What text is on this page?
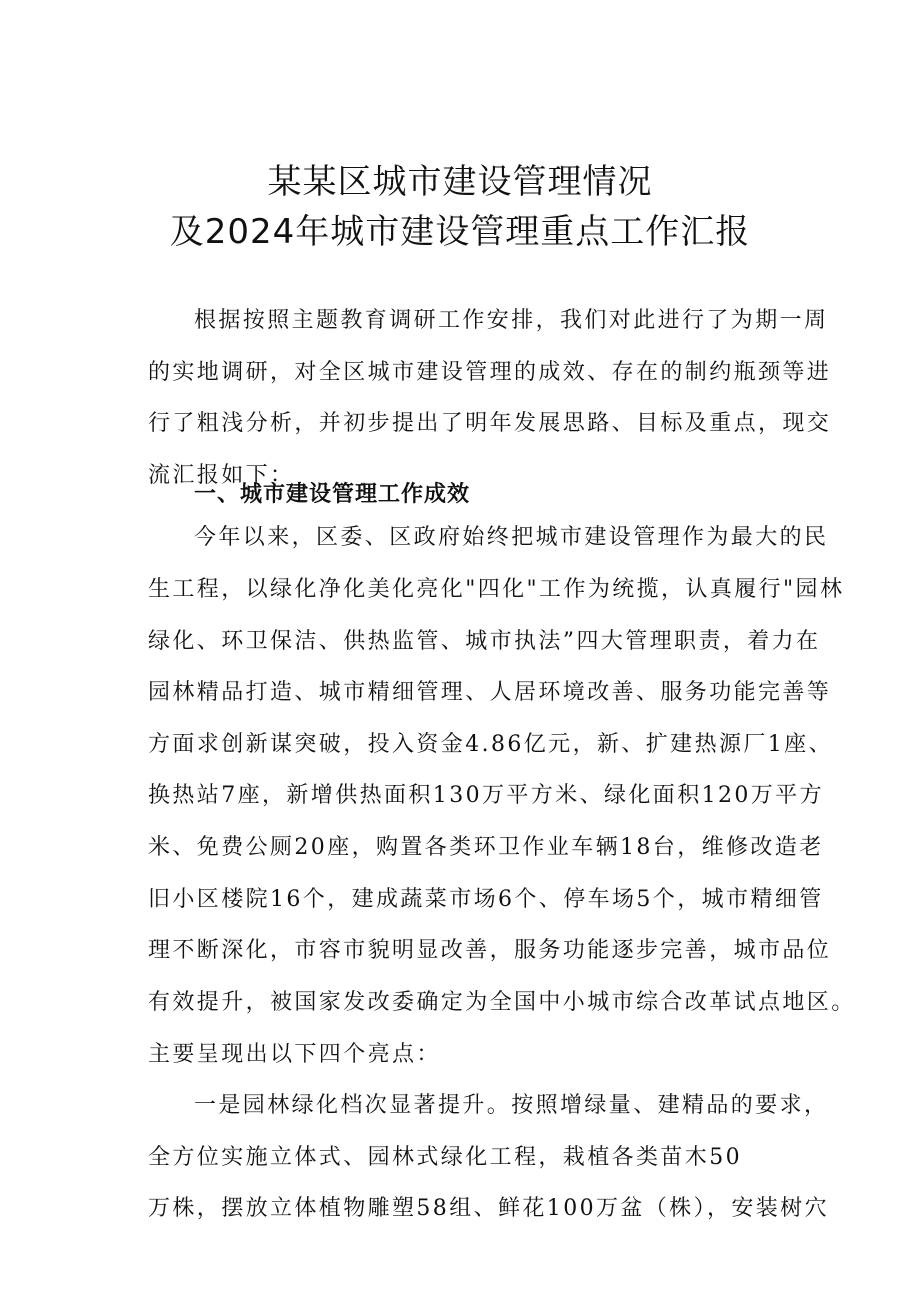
某某区城市建设管理情况
及2024年城市建设管理重点工作汇报
根据按照主题教育调研工作安排，我们对此进行了为期一周
的实地调研，对全区城市建设管理的成效、存在的制约瓶颈等进
行了粗浅分析，并初步提出了明年发展思路、目标及重点，现交
流汇报如下：
一、城市建设管理工作成效
今年以来，区委、区政府始终把城市建设管理作为最大的民
生工程，以绿化净化美化亮化"四化"工作为统揽，认真履行"园林
绿化、环卫保洁、供热监管、城市执法”四大管理职责，着力在
园林精品打造、城市精细管理、人居环境改善、服务功能完善等
方面求创新谋突破，投入资金4.86亿元，新、扩建热源厂1座、
换热站7座，新增供热面积130万平方米、绿化面积120万平方
米、免费公厕20座，购置各类环卫作业车辆18台，维修改造老
旧小区楼院16个，建成蔬菜市场6个、停车场5个，城市精细管
理不断深化，市容市貌明显改善，服务功能逐步完善，城市品位
有效提升，被国家发改委确定为全国中小城市综合改革试点地区。
主要呈现出以下四个亮点：
一是园林绿化档次显著提升。按照增绿量、建精品的要求，
全方位实施立体式、园林式绿化工程，栽植各类苗木50
万株，摆放立体植物雕塑58组、鲜花100万盆（株），安装树穴
